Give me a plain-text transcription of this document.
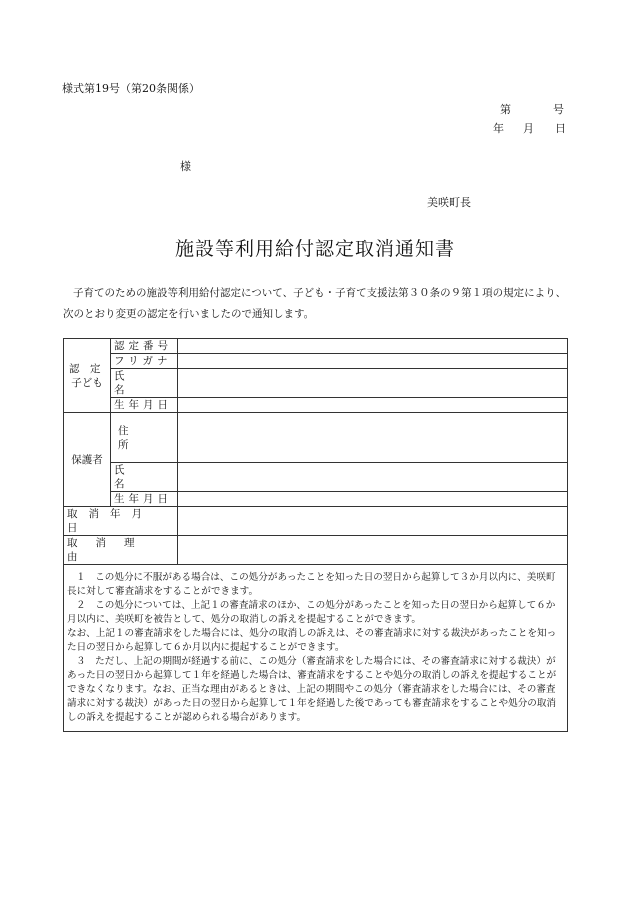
様式第19号（第20条関係）
第	号
年 月 日
様
美咲町長
施設等利用給付認定取消通知書
子育てのための施設等利用給付認定について、子ども・子育て支援法第３０条の９第１項の規定により、次のとおり変更の認定を行いましたので通知します。
認　定
子ども	認定番号	

	フリガナ	

	氏名	

	生年月日	

保護者	住所	

	氏名	

	生年月日	

取消年月日		

取消理由		

１　この処分に不服がある場合は、この処分があったことを知った日の翌日から起算して３か月以内に、美咲町長に対して審査請求をすることができます。

２　この処分については、上記１の審査請求のほか、この処分があったことを知った日の翌日から起算して６か月以内に、美咲町を被告として、処分の取消しの訴えを提起することができます。

なお、上記１の審査請求をした場合には、処分の取消しの訴えは、その審査請求に対する裁決があったことを知った日の翌日から起算して６か月以内に提起することができます。

３　ただし、上記の期間が経過する前に、この処分（審査請求をした場合には、その審査請求に対する裁決）があった日の翌日から起算して１年を経過した場合は、審査請求をすることや処分の取消しの訴えを提起することができなくなります。なお、正当な理由があるときは、上記の期間やこの処分（審査請求をした場合には、その審査請求に対する裁決）があった日の翌日から起算して１年を経過した後であっても審査請求をすることや処分の取消しの訴えを提起することが認められる場合があります。		
